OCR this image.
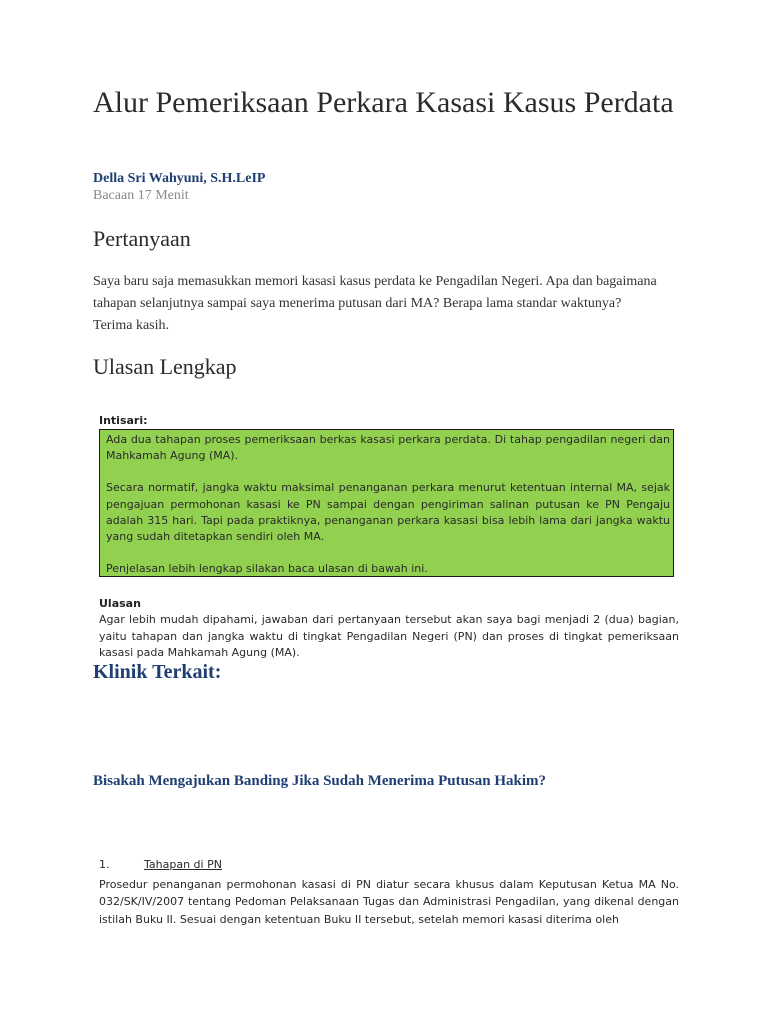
Alur Pemeriksaan Perkara Kasasi Kasus Perdata

Della Sri Wahyuni, S.H.LeIP

Bacaan 17 Menit

Pertanyaan

Saya baru saja memasukkan memori kasasi kasus perdata ke Pengadilan Negeri. Apa dan bagaimana tahapan selanjutnya sampai saya menerima putusan dari MA? Berapa lama standar waktunya? Terima kasih.

Ulasan Lengkap

Intisari:

Ada dua tahapan proses pemeriksaan berkas kasasi perkara perdata. Di tahap pengadilan negeri dan Mahkamah Agung (MA).

Secara normatif, jangka waktu maksimal penanganan perkara menurut ketentuan internal MA, sejak pengajuan permohonan kasasi ke PN sampai dengan pengiriman salinan putusan ke PN Pengaju adalah 315 hari. Tapi pada praktiknya, penanganan perkara kasasi bisa lebih lama dari jangka waktu yang sudah ditetapkan sendiri oleh MA.

Penjelasan lebih lengkap silakan baca ulasan di bawah ini.

Ulasan

Agar lebih mudah dipahami, jawaban dari pertanyaan tersebut akan saya bagi menjadi 2 (dua) bagian, yaitu tahapan dan jangka waktu di tingkat Pengadilan Negeri (PN) dan proses di tingkat pemeriksaan kasasi pada Mahkamah Agung (MA).

Klinik Terkait:
Bisakah Mengajukan Banding Jika Sudah Menerima Putusan Hakim?
1.	Tahapan di PN

Prosedur penanganan permohonan kasasi di PN diatur secara khusus dalam Keputusan Ketua MA No. 032/SK/IV/2007 tentang Pedoman Pelaksanaan Tugas dan Administrasi Pengadilan, yang dikenal dengan istilah Buku II. Sesuai dengan ketentuan Buku II tersebut, setelah memori kasasi diterima oleh
